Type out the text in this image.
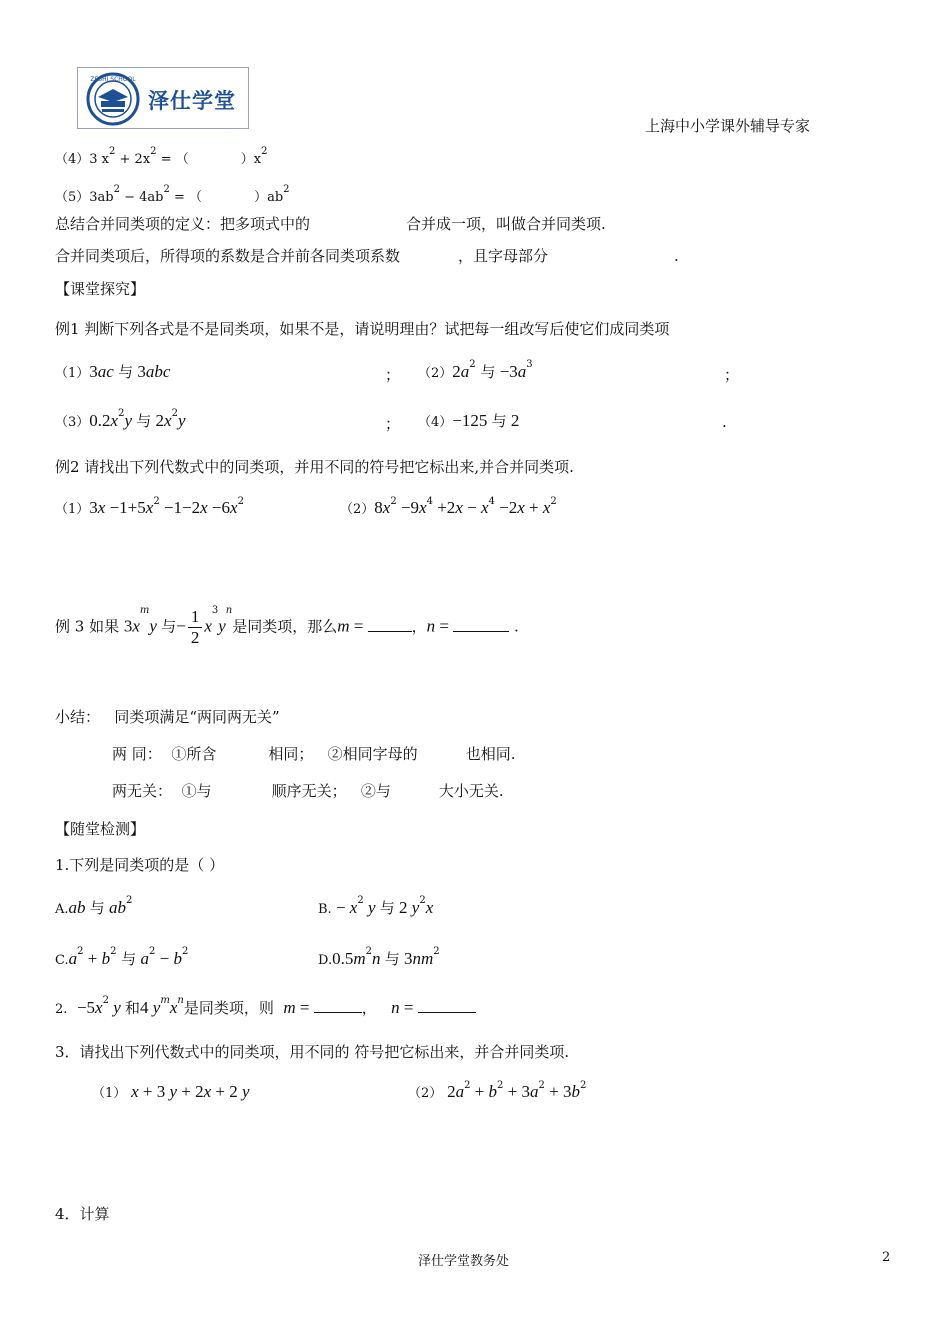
ZESHI SCHOOL
泽仕学堂
上海中小学课外辅导专家
（4）3 $x^2 + 2x^2$ = （	）$x^2$
$(5)3ab^2 - 4ab^2$ = （	）$ab^2$
总结合并同类项的定义：把多项式中的	合并成一项，叫做合并同类项.
合并同类项后，所得项的系数是合并前各同类项系数	，且字母部分	.
【课堂探究】
例1 判断下列各式是不是同类项，如果不是，请说明理由？试把每一组改写后使它们成同类项
（1）3ac 与 3abc	； $(2)2a^2$ 与 $-3a^3$
；
$(3)0.2x^2y$ 与 $2x^2y$	； （4）−125 与 2	.
例2 请找出下列代数式中的同类项，并用不同的符号把它标出来,并合并同类项.
$(1)3x -1+5x^2 -1-2x -6x^2$
$(2)8x^2 -9x^4 +2x - x^4 -2x + x^2$
例 3 如果 $3x^my$ 与− $\frac{1}{2} x^3y^n$是同类项，那么m =	，n =	.
小结： 同类项满足“两同两无关”
两 同： ①所含	相同； ②相同字母的	也相同.
两无关： ①与	顺序无关； ②与	大小无关.
【随堂检测】
1.下列是同类项的是（ ）
A.ab 与 $ab^2$
B. − $x^2$ y 与 2 $y^2x$
$C.a^2 + b^2$ 与 $a^2 - b^2$
$D.0.5m^2n$ 与 $3nm^2$
2. $-5x^2$ y 和4 $y^mx^n$是同类项，则 m =	， n =
3．请找出下列代数式中的同类项，用不同的 符号把它标出来，并合并同类项.
（1） x + 3 y + 2x + 2 y	（2） $2a^2 + b^2 + 3a^2 + 3b^2$
4．计算
泽仕学堂教务处	2
